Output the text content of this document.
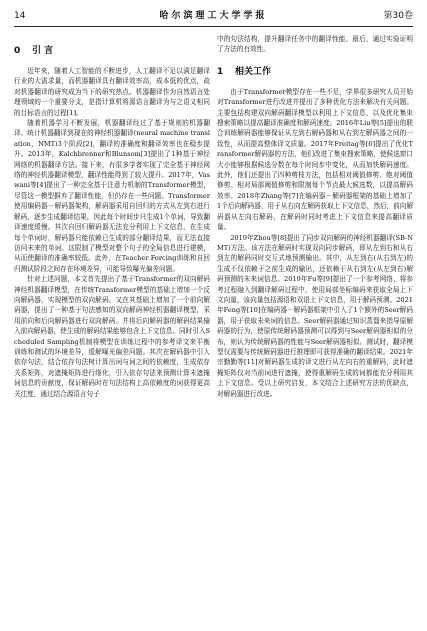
14	哈尔滨理工大学学报	第30卷
0 引 言

近年来，随着人工智能的不断进步，人工翻译不足以满足翻译行业的大需求量，而机器翻译具有翻译效率高，成本低的优点，故对机器翻译的研究成为当下的研究热点。机器翻译作为自然语言处理领域的一个重要分支，是指计算机将源语言翻译为与之语义相同的目标语言的过程[1]。

随着机器学习不断发展，机器翻译经过了基于规则的机器翻译、统计机器翻译到现在的神经机器翻译(neural machine translation，NMT)3个阶段[2]，翻译的准确度和翻译效率也在稳步提升。2013年，Kalchbrenner和Blunsom[3]提出了1种基于神经网络的机器翻译方法。接下来，有很多学者实现了完全基于神经网络的神经机器翻译模型，翻译性能得到了较大提升。2017年，Vaswani等[4]提出了一种完全基于注意力机制的Transformer模型，尽管这一模型摒弃了翻译性能，但仍存在一些问题。Transformer使用编码器－解码器架构，解码器采用自回归的方式从左到右进行解码，逐步生成翻译结果，因此每个时间步只生成1个单词，导致翻译速度缓慢。其次自回归解码器无法充分利用上下文信息，在生成每个单词时，解码器只能依赖已生成的部分翻译结果，而无法直接访问未来的单词。这限制了模型对整个句子的全局信息进行建模，从而使翻译的准确率较低。此外，在Teacher Forcing训练和自回归测试阶段之间存在环境差异，可能导致曝光偏差问题。

针对上述问题，本文首先提出了基于Transformer的双向解码神经机器翻译模型，在传统Transformer模型的基础上增加一个反向解码器，实现模型的双向解码。又在其基础上增加了一个前向解码器，提出了一种基于句法感知的双向解码神经机器翻译模型，采用前向和后向解码器进行双向解码。并将后向解码器的解码结果输入前向解码器，使生成的解码结果能够包含上下文信息。同时引入Scheduled Sampling机制将模型在训练过程中的参考译文来平衡训练和测试的环境差异，缓解曝光偏差问题。其次在解码器中引入依存句法，结合依存句法树计算出词与词之间的依赖度，生成依存关系矩阵，对遮掩矩阵进行细化，引入依存句法来预测计算未遮掩词信息的贡献度，保证解码时在句法结构上高依赖度的词获得更高关注度，通过结合源语言句子

中的句法结构，提升翻译任务中的翻译性能。最后，通过实验证明了方法的有效性。

1 相关工作

由于Transformer模型存在一些不足，学界很多研究人员开始对Transformer进行改进并提出了多种优化方法来解决有关问题。主要包括构建双向解码翻译模型以利用上下文信息，以及优化集束搜索策略以提高翻译准确度和解码速度。2016年Liu等[5]提出的联合训练解码器能够保证从左到右解码器和从右到左解码器之间的一致性，从而提高整体译文质量。2017年Freitag等[6]提出了优化Transformer解码器的方法，他们改进了集束搜索策略，使候选窗口大小能够根据候选分数在每个时间步中变化，从而加快解码速度。此外，他们还提出了四种剪枝方法，包括相对阈值修剪、绝对阈值修剪、相对局部阈值修剪和限制每个节点最大候选数，以提高解码效率。2018年Zhang等[7]在编码器－解码器框架的基础上增加了1个后向解码器，用于从右向左解码获取上下文信息，然后，前向解码器从左向右解码，在解码时同时考虑上下文信息来提高翻译质量。

2019年Zhou等[8]提出了同步双向解码的神经机器翻译(SB-NMT)方法。该方法在解码时实现双向同步解码，即从左到右和从右到左的解码同时交互式地预测输出。其中，从左到右(从右到左)的生成不仅依赖于之前生成的输出，还依赖于从右到左(从左到右)解码预测的未来词信息。2019年Fu等[9]提出了一个参考网络，将参考过程融入到翻译解码过程中，使用局部坐标编码来获取全局上下文向量，该向量包括源语和双语上下文信息，用于解码预测。2021年Feng等[10]在编码器－解码器框架中引入了1个额外的Seer解码器，用于获取未来词的信息。Seer解码器通过知识蒸馏来指导原解码器的行为，使原传统解码器预测可以得到与Seer解码器相似的分布，则认为传统解码器的性能与Seer解码器相似。测试时，翻译模型仅需要与传统解码器进行推理即可获得准确的翻译结果。2021年宗勤勤等[11]对解码器生成的译文进行从左向右的重解码，此时遮掩矩阵仅对当前词进行遮掩，使得重解码生成的词都能充分利用其上下文信息。受以上研究启发，本文结合上述研究方法的优缺点，对解码器进行改进。
